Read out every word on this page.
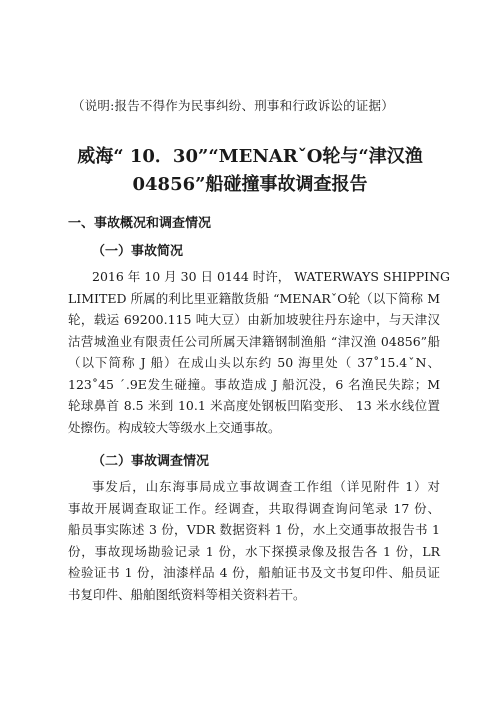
（说明:报告不得作为民事纠纷、刑事和行政诉讼的证据）
威海“ 10．30”“MENARˇO轮与“津汉渔
04856”船碰撞事故调查报告
一、事故概况和调查情况
（一）事故简况
2016 年 10 月 30 日 0144 时许， WATERWAYS SHIPPING
LIMITED 所属的利比里亚籍散货船 “MENARˇO轮（以下简称 M
轮，载运 69200.115 吨大豆）由新加坡驶往丹东途中，与天津汉
沽营城渔业有限责任公司所属天津籍钢制渔船 “津汉渔 04856”船
（以下简称 J 船）在成山头以东约 50 海里处（ 37˚15.4ˇN、
123˚45 ˊ.9E发生碰撞。事故造成 J 船沉没，6 名渔民失踪；M
轮球鼻首 8.5 米到 10.1 米高度处钢板凹陷变形、 13 米水线位置
处擦伤。构成较大等级水上交通事故。
（二）事故调查情况
事发后，山东海事局成立事故调查工作组（详见附件 1）对
事故开展调查取证工作。经调查，共取得调查询问笔录 17 份、
船员事实陈述 3 份，VDR 数据资料 1 份，水上交通事故报告书 1
份，事故现场勘验记录 1 份，水下探摸录像及报告各 1 份，LR
检验证书 1 份，油漆样品 4 份，船舶证书及文书复印件、船员证
书复印件、船舶图纸资料等相关资料若干。
